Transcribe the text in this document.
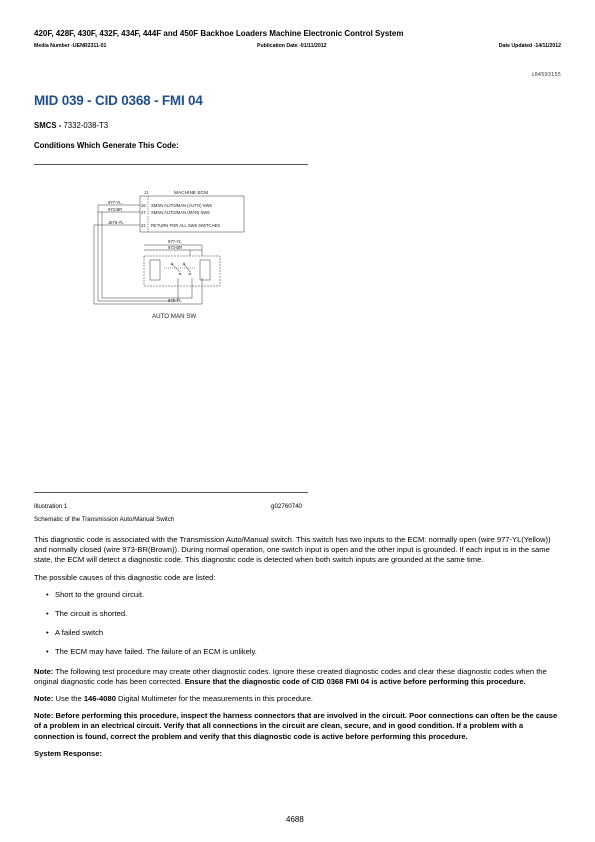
420F, 428F, 430F, 432F, 434F, 444F and 450F Backhoe Loaders Machine Electronic Control System
Media Number -UENR2311-01	Publication Date -01/11/2012	Date Updated -14/11/2012
i04593155
MID 039 - CID 0368 - FMI 04
SMCS - 7332-038-T3
Conditions Which Generate This Code:
J1	MACHINE ECM
977-YL
973-BR
J879-YL
26
27
22
XMSN AUTO/MAN (AUTO) SW6
XMSN AUTO/MAN (MAN) SW6
RETURN FOR ALL SW6 SWITCHES
977-YL
973-BR
879-YL
AUTO MAN SW
Illustration 1	g02760740
Schematic of the Transmission Auto/Manual Switch

This diagnostic code is associated with the Transmission Auto/Manual switch. This switch has two inputs to the ECM: normally open (wire 977-YL(Yellow)) and normally closed (wire 973-BR(Brown)). During normal operation, one switch input is open and the other input is grounded. If each input is in the same state, the ECM will detect a diagnostic code. This diagnostic code is detected when both switch inputs are grounded at the same time.

The possible causes of this diagnostic code are listed:

• Short to the ground circuit.
• The circuit is shorted.
• A failed switch
• The ECM may have failed. The failure of an ECM is unlikely.

Note: The following test procedure may create other diagnostic codes. Ignore these created diagnostic codes and clear these diagnostic codes when the original diagnostic code has been corrected. Ensure that the diagnostic code of CID 0368 FMI 04 is active before performing this procedure.

Note: Use the 146-4080 Digital Multimeter for the measurements in this procedure.

Note: Before performing this procedure, inspect the harness connectors that are involved in the circuit. Poor connections can often be the cause of a problem in an electrical circuit. Verify that all connections in the circuit are clean, secure, and in good condition. If a problem with a connection is found, correct the problem and verify that this diagnostic code is active before performing this procedure.

System Response:

4688
